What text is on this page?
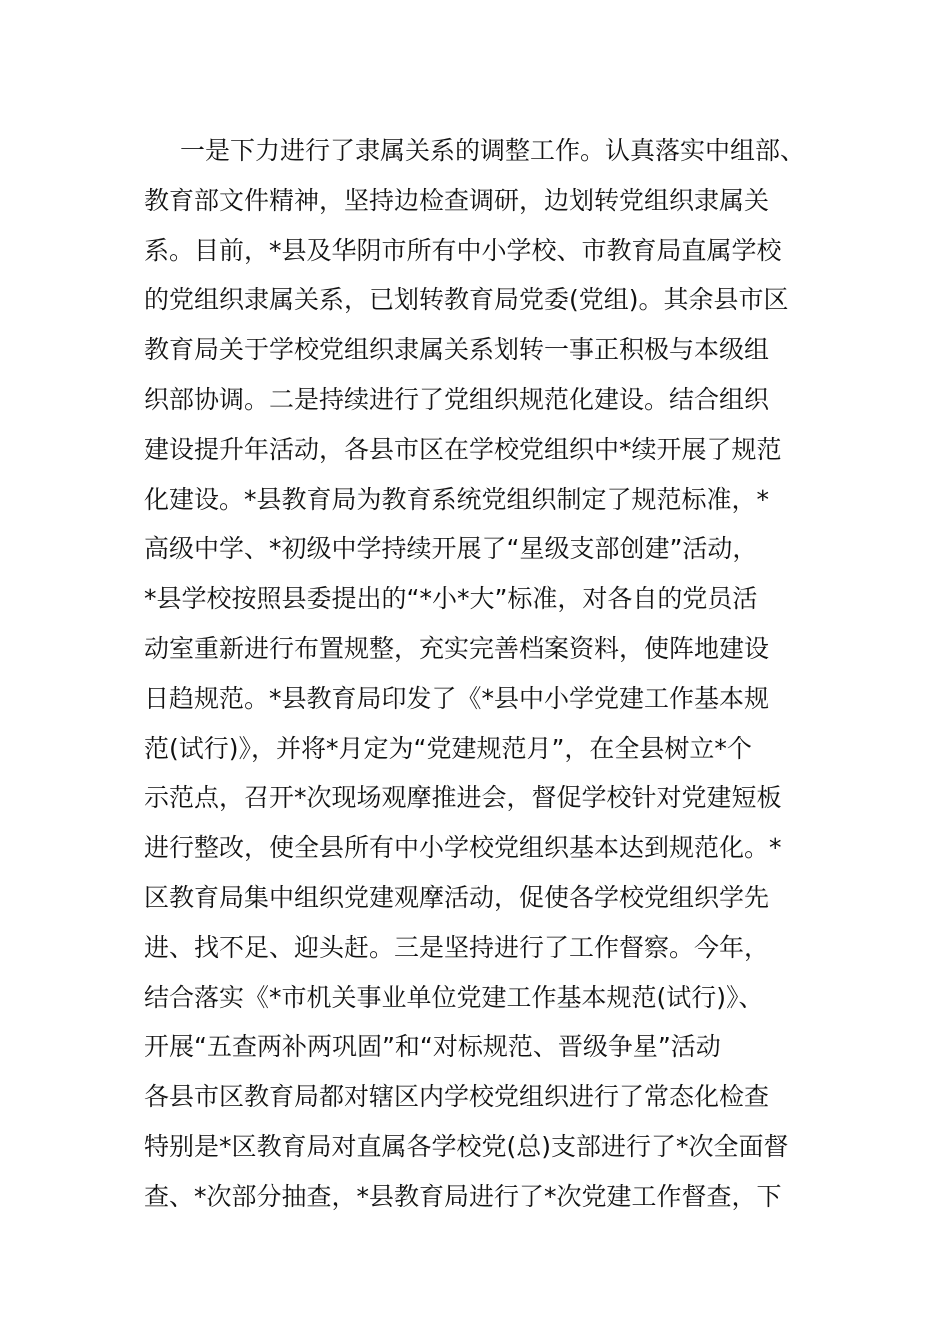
一是下力进行了隶属关系的调整工作。认真落实中组部、
教育部文件精神，坚持边检查调研，边划转党组织隶属关
系。目前，*县及华阴市所有中小学校、市教育局直属学校
的党组织隶属关系，已划转教育局党委(党组)。其余县市区
教育局关于学校党组织隶属关系划转一事正积极与本级组
织部协调。二是持续进行了党组织规范化建设。结合组织
建设提升年活动，各县市区在学校党组织中*续开展了规范
化建设。*县教育局为教育系统党组织制定了规范标准，*
高级中学、*初级中学持续开展了“星级支部创建”活动，
*县学校按照县委提出的“*小*大”标准，对各自的党员活
动室重新进行布置规整，充实完善档案资料，使阵地建设
日趋规范。*县教育局印发了《*县中小学党建工作基本规
范(试行)》，并将*月定为“党建规范月”，在全县树立*个
示范点，召开*次现场观摩推进会，督促学校针对党建短板
进行整改，使全县所有中小学校党组织基本达到规范化。*
区教育局集中组织党建观摩活动，促使各学校党组织学先
进、找不足、迎头赶。三是坚持进行了工作督察。今年，
结合落实《*市机关事业单位党建工作基本规范(试行)》、
开展“五查两补两巩固”和“对标规范、晋级争星”活动
各县市区教育局都对辖区内学校党组织进行了常态化检查
特别是*区教育局对直属各学校党(总)支部进行了*次全面督
查、*次部分抽查，*县教育局进行了*次党建工作督查，下
